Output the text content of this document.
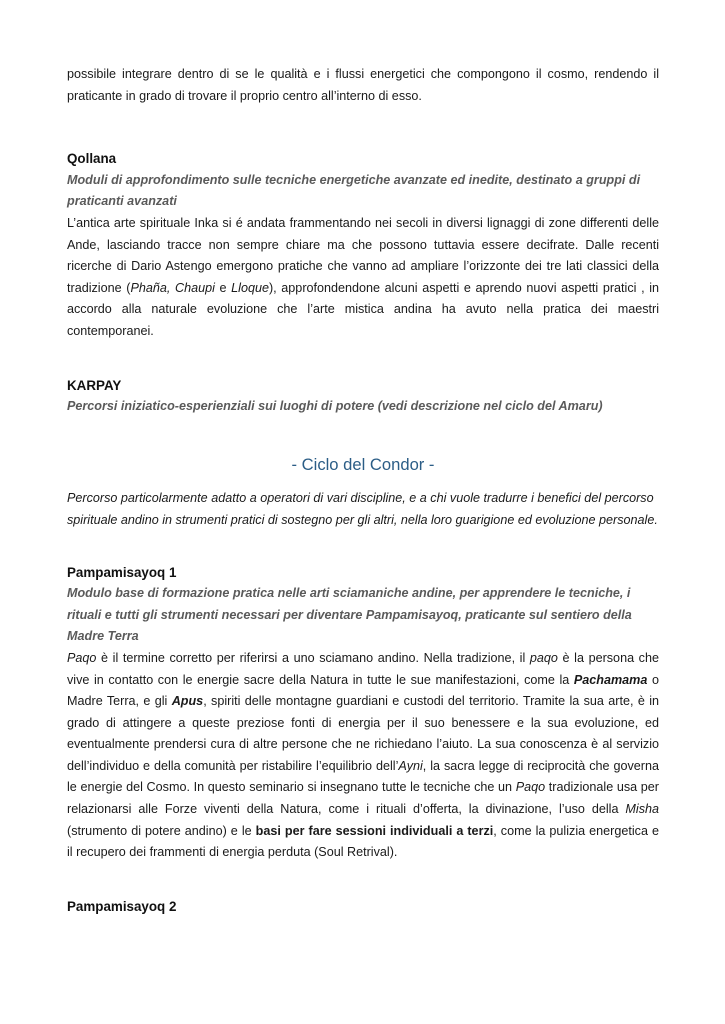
possibile integrare dentro di se le qualità e i flussi energetici che compongono il cosmo, rendendo il praticante in grado di trovare il proprio centro all’interno di esso.

Qollana

Moduli di approfondimento sulle tecniche energetiche avanzate ed inedite, destinato a gruppi di praticanti avanzati

L’antica arte spirituale Inka si é andata frammentando nei secoli in diversi lignaggi di zone differenti delle Ande, lasciando tracce non sempre chiare ma che possono tuttavia essere decifrate. Dalle recenti ricerche di Dario Astengo emergono pratiche che vanno ad ampliare l’orizzonte dei tre lati classici della tradizione (Phaña, Chaupi e Lloque), approfondendone alcuni aspetti e aprendo nuovi aspetti pratici , in accordo alla naturale evoluzione che l’arte mistica andina ha avuto nella pratica dei maestri contemporanei.

KARPAY

Percorsi iniziatico-esperienziali sui luoghi di potere (vedi descrizione nel ciclo del Amaru)

- Ciclo del Condor -

Percorso particolarmente adatto a operatori di vari discipline, e a chi vuole tradurre i benefici del percorso spirituale andino in strumenti pratici di sostegno per gli altri, nella loro guarigione ed evoluzione personale.

Pampamisayoq 1

Modulo base di formazione pratica nelle arti sciamaniche andine, per apprendere le tecniche, i rituali e tutti gli strumenti necessari per diventare Pampamisayoq, praticante sul sentiero della Madre Terra

Paqo è il termine corretto per riferirsi a uno sciamano andino. Nella tradizione, il paqo è la persona che vive in contatto con le energie sacre della Natura in tutte le sue manifestazioni, come la Pachamama o Madre Terra, e gli Apus, spiriti delle montagne guardiani e custodi del territorio. Tramite la sua arte, è in grado di attingere a queste preziose fonti di energia per il suo benessere e la sua evoluzione, ed eventualmente prendersi cura di altre persone che ne richiedano l’aiuto. La sua conoscenza è al servizio dell’individuo e della comunità per ristabilire l’equilibrio dell’Ayni, la sacra legge di reciprocità che governa le energie del Cosmo. In questo seminario si insegnano tutte le tecniche che un Paqo tradizionale usa per relazionarsi alle Forze viventi della Natura, come i rituali d’offerta, la divinazione, l’uso della Misha (strumento di potere andino) e le basi per fare sessioni individuali a terzi, come la pulizia energetica e il recupero dei frammenti di energia perduta (Soul Retrival).

Pampamisayoq 2
